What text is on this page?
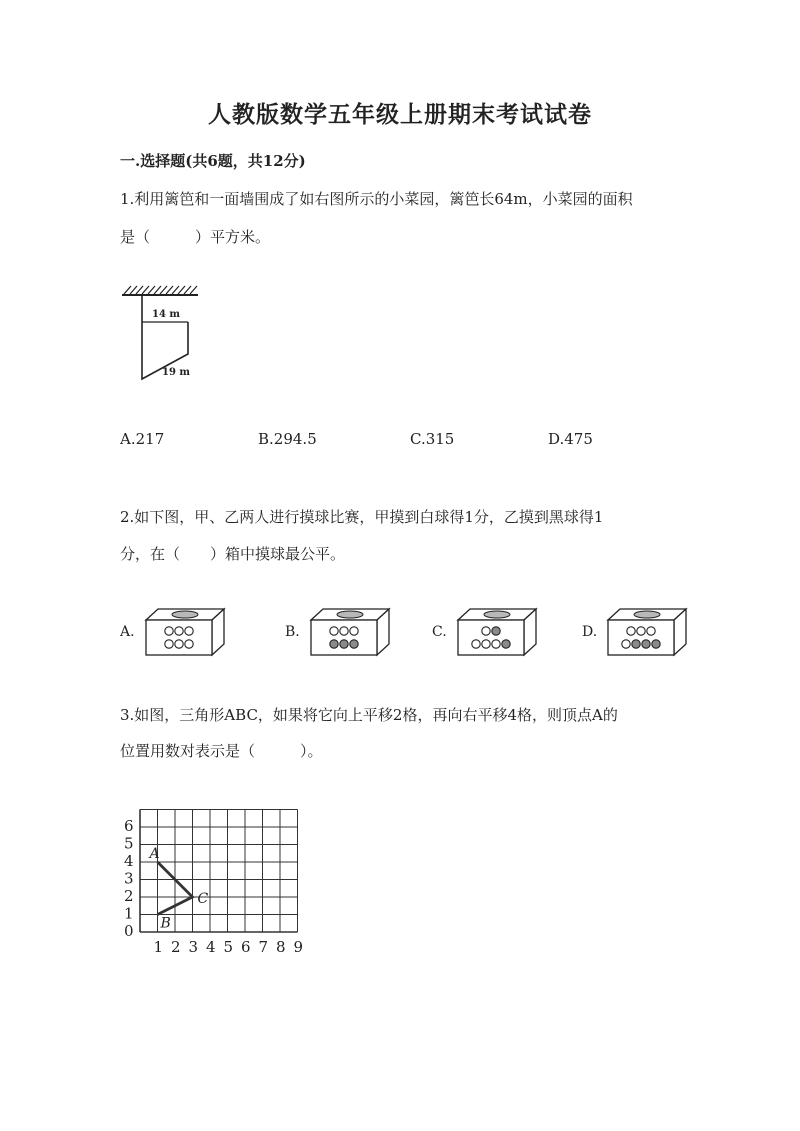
人教版数学五年级上册期末考试试卷
一.选择题(共6题，共12分)
1.利用篱笆和一面墙围成了如右图所示的小菜园，篱笆长64m，小菜园的面积
是（　　　）平方米。
14 m
19 m
A.217	B.294.5	C.315	D.475
2.如下图，甲、乙两人进行摸球比赛，甲摸到白球得1分，乙摸到黑球得1
分，在（　　）箱中摸球最公平。
A.	B.	C.	D.
3.如图，三角形ABC，如果将它向上平移2格，再向右平移4格，则顶点A的
位置用数对表示是（　　　）。
0
1
2
3
4
5
6
1 2 3 4 5 6 7 8 9
A
B
C
